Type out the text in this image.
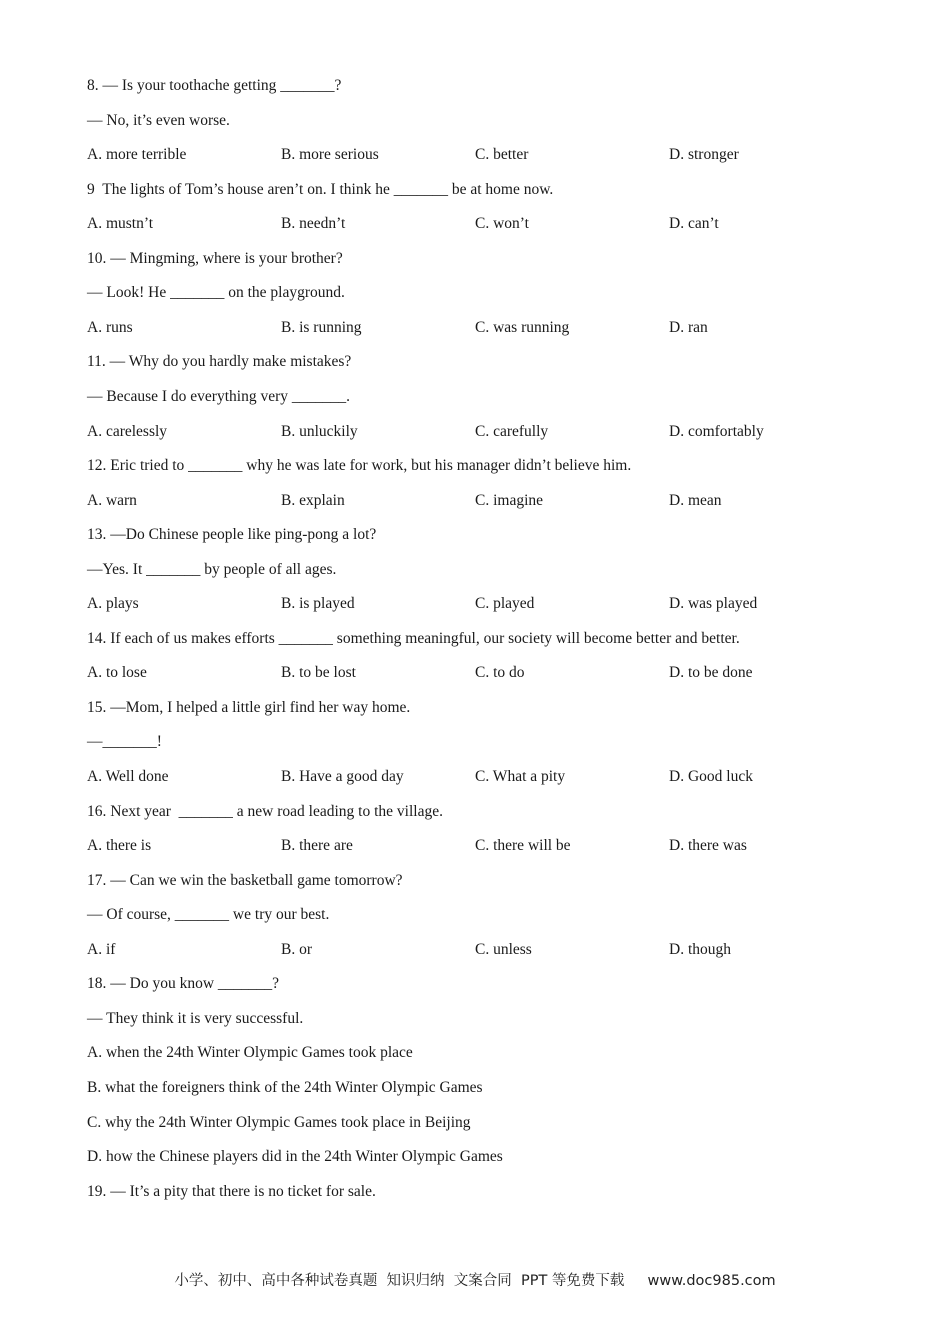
8. — Is your toothache getting _______?
— No, it’s even worse.
A. more terrible	B. more serious	C. better	D. stronger
9  The lights of Tom’s house aren’t on. I think he _______ be at home now.
A. mustn’t	B. needn’t	C. won’t	D. can’t
10. — Mingming, where is your brother?
— Look! He _______ on the playground.
A. runs	B. is running	C. was running	D. ran
11. — Why do you hardly make mistakes?
— Because I do everything very _______.
A. carelessly	B. unluckily	C. carefully	D. comfortably
12. Eric tried to _______ why he was late for work, but his manager didn’t believe him.
A. warn	B. explain	C. imagine	D. mean
13. —Do Chinese people like ping-pong a lot?
—Yes. It _______ by people of all ages.
A. plays	B. is played	C. played	D. was played
14. If each of us makes efforts _______ something meaningful, our society will become better and better.
A. to lose	B. to be lost	C. to do	D. to be done
15. —Mom, I helped a little girl find her way home.
—_______!
A. Well done	B. Have a good day	C. What a pity	D. Good luck
16. Next year  _______ a new road leading to the village.
A. there is	B. there are	C. there will be	D. there was
17. — Can we win the basketball game tomorrow?
— Of course, _______ we try our best.
A. if	B. or	C. unless	D. though
18. — Do you know _______?
— They think it is very successful.
A. when the 24th Winter Olympic Games took place
B. what the foreigners think of the 24th Winter Olympic Games
C. why the 24th Winter Olympic Games took place in Beijing
D. how the Chinese players did in the 24th Winter Olympic Games
19. — It’s a pity that there is no ticket for sale.
小学、初中、高中各种试卷真题  知识归纳  文案合同  PPT 等免费下载 www.doc985.com
